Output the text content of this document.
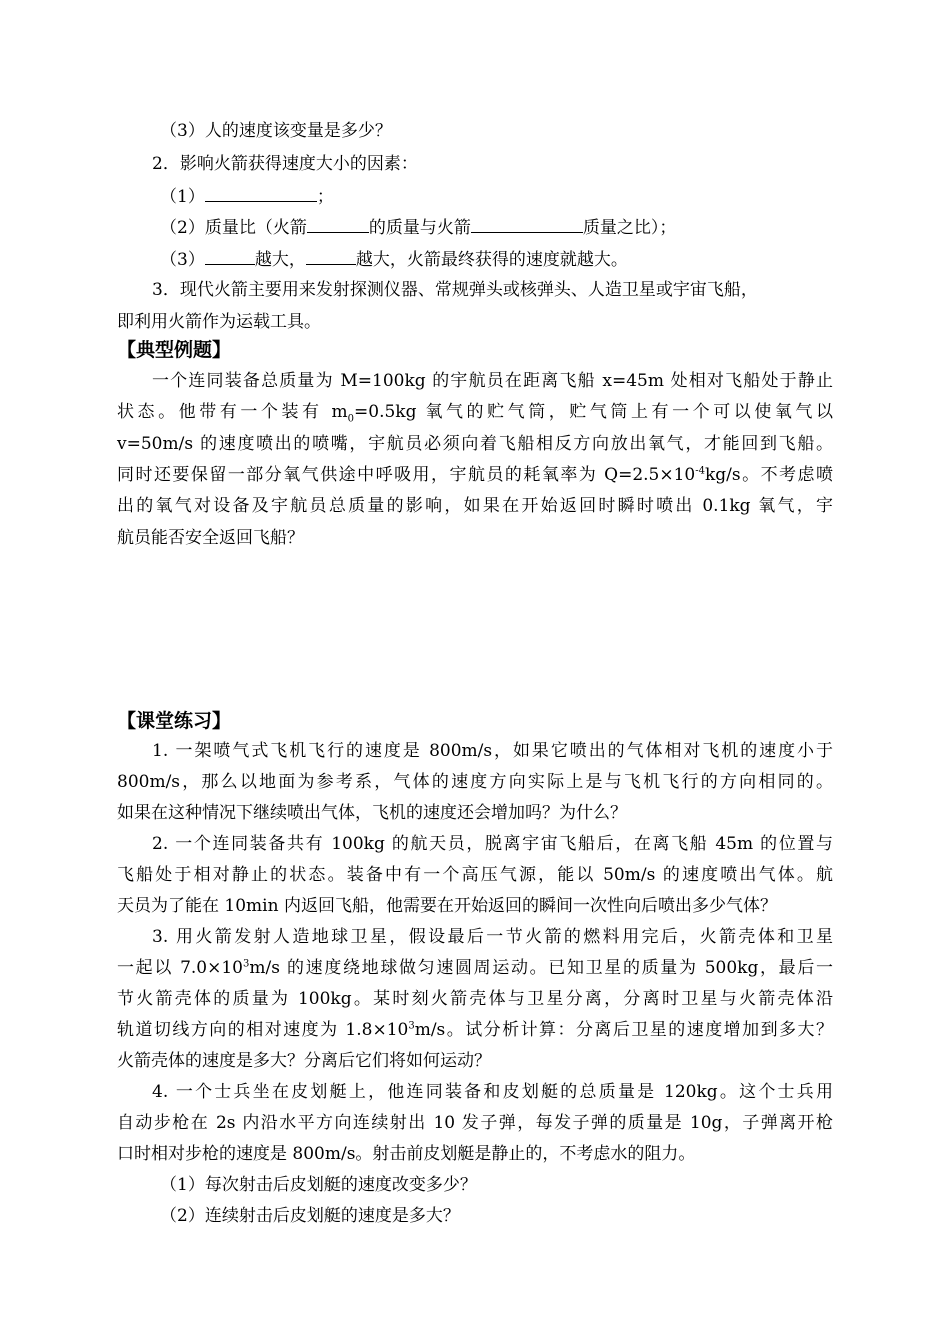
（3）人的速度该变量是多少？
2．影响火箭获得速度大小的因素：
（1）	；
（2）质量比（火箭	的质量与火箭	质量之比）；
（3）	越大，	越大，火箭最终获得的速度就越大。
3．现代火箭主要用来发射探测仪器、常规弹头或核弹头、人造卫星或宇宙飞船，
即利用火箭作为运载工具。
【典型例题】
一个连同装备总质量为 M=100kg 的宇航员在距离飞船 x=45m 处相对飞船处于静止
状态。他带有一个装有 $m_0=0.5kg$ 氧气的贮气筒，贮气筒上有一个可以使氧气以
v=50m/s 的速度喷出的喷嘴，宇航员必须向着飞船相反方向放出氧气，才能回到飞船。
同时还要保留一部分氧气供途中呼吸用，宇航员的耗氧率为 $Q=2.5\times 10^{-4}kg/s$。不考虑喷
出的氧气对设备及宇航员总质量的影响，如果在开始返回时瞬时喷出 0.1kg 氧气，宇
航员能否安全返回飞船？
【课堂练习】
1. 一架喷气式飞机飞行的速度是 800m/s，如果它喷出的气体相对飞机的速度小于
800m/s，那么以地面为参考系，气体的速度方向实际上是与飞机飞行的方向相同的。
如果在这种情况下继续喷出气体，飞机的速度还会增加吗？为什么？
2. 一个连同装备共有 100kg 的航天员，脱离宇宙飞船后，在离飞船 45m 的位置与
飞船处于相对静止的状态。装备中有一个高压气源，能以 50m/s 的速度喷出气体。航
天员为了能在 10min 内返回飞船，他需要在开始返回的瞬间一次性向后喷出多少气体？
3. 用火箭发射人造地球卫星，假设最后一节火箭的燃料用完后，火箭壳体和卫星
一起以 $7.0\times 10^3m/s$ 的速度绕地球做匀速圆周运动。已知卫星的质量为 500kg，最后一
节火箭壳体的质量为 100kg。某时刻火箭壳体与卫星分离，分离时卫星与火箭壳体沿
轨道切线方向的相对速度为 $1.8\times 10^3m/s$。试分析计算：分离后卫星的速度增加到多大？
火箭壳体的速度是多大？分离后它们将如何运动？
4. 一个士兵坐在皮划艇上，他连同装备和皮划艇的总质量是 120kg。这个士兵用
自动步枪在 2s 内沿水平方向连续射出 10 发子弹，每发子弹的质量是 10g，子弹离开枪
口时相对步枪的速度是 800m/s。射击前皮划艇是静止的，不考虑水的阻力。
（1）每次射击后皮划艇的速度改变多少？
（2）连续射击后皮划艇的速度是多大？
